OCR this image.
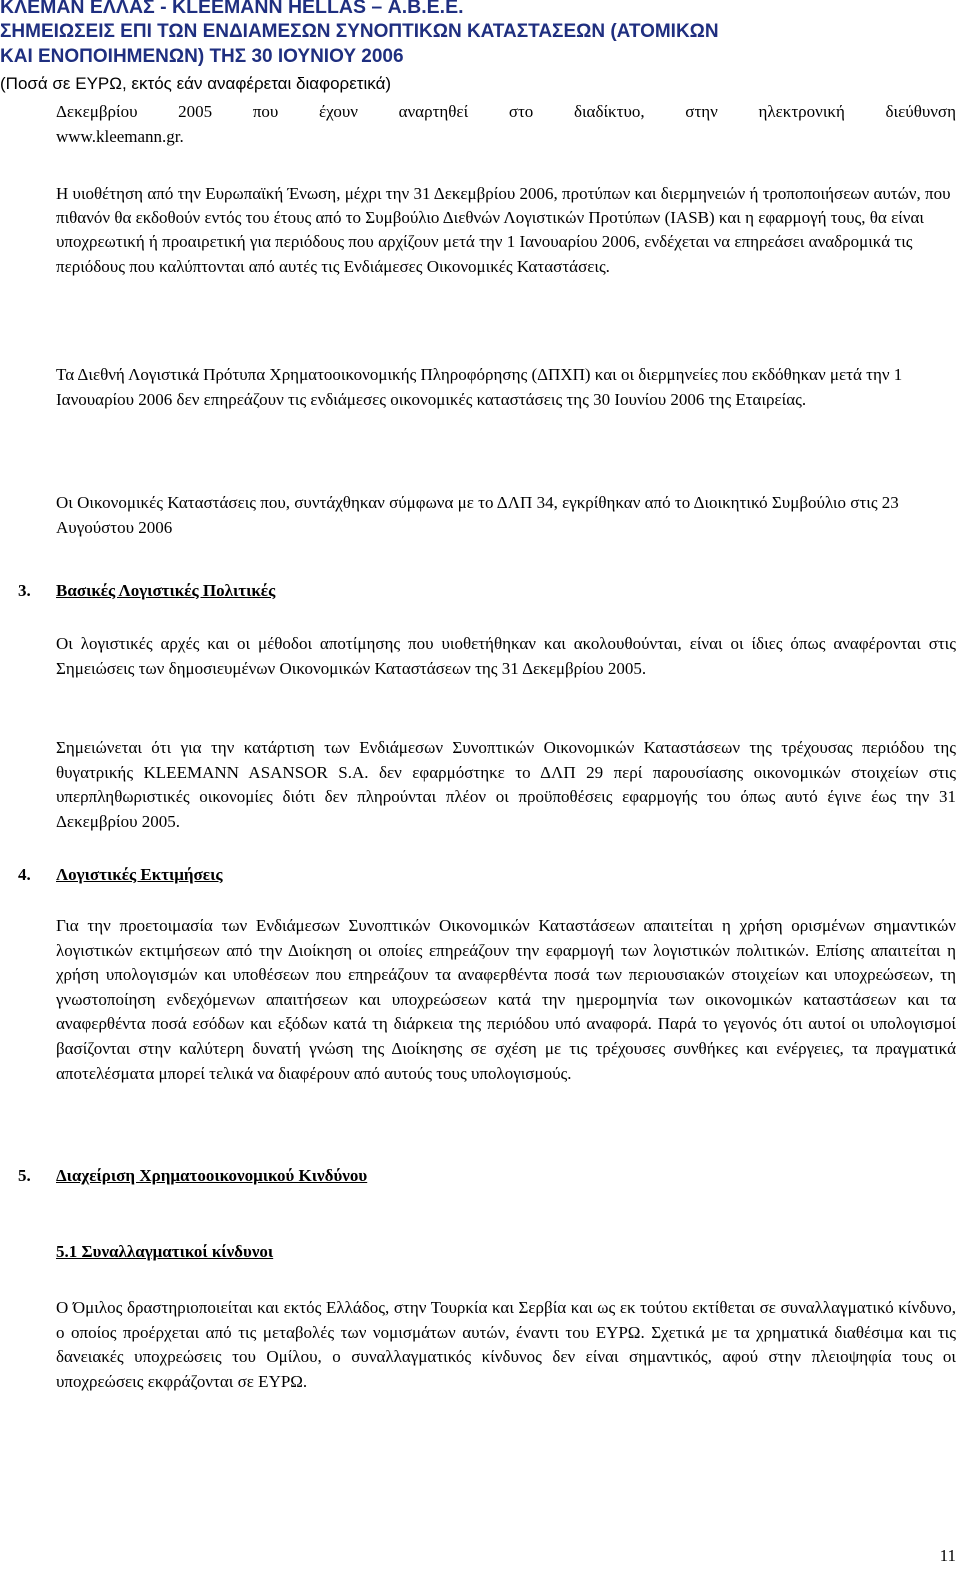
ΚΛΕΜΑΝ ΕΛΛΑΣ - KLEEMANN HELLAS – Α.Β.Ε.Ε.
ΣΗΜΕΙΩΣΕΙΣ ΕΠΙ ΤΩΝ ΕΝΔΙΑΜΕΣΩΝ ΣΥΝΟΠΤΙΚΩΝ ΚΑΤΑΣΤΑΣΕΩΝ (ΑΤΟΜΙΚΩΝ
ΚΑΙ ΕΝΟΠΟΙΗΜΕΝΩΝ) ΤΗΣ 30 ΙΟΥΝΙΟΥ 2006
(Ποσά σε ΕΥΡΩ, εκτός εάν αναφέρεται διαφορετικά)
Δεκεμβρίου 2005 που έχουν αναρτηθεί στο διαδίκτυο, στην ηλεκτρονική διεύθυνση
www.kleemann.gr.

Η υιοθέτηση από την Ευρωπαϊκή Ένωση, μέχρι την 31 Δεκεμβρίου 2006, προτύπων και διερμηνειών ή τροποποιήσεων αυτών, που πιθανόν θα εκδοθούν εντός του έτους από το Συμβούλιο Διεθνών Λογιστικών Προτύπων (IASB) και η εφαρμογή τους, θα είναι υποχρεωτική ή προαιρετική για περιόδους που αρχίζουν μετά την 1 Ιανουαρίου 2006, ενδέχεται να επηρεάσει αναδρομικά τις περιόδους που καλύπτονται από αυτές τις Ενδιάμεσες Οικονομικές Καταστάσεις.

Τα Διεθνή Λογιστικά Πρότυπα Χρηματοοικονομικής Πληροφόρησης (ΔΠΧΠ) και οι διερμηνείες που εκδόθηκαν μετά την 1 Ιανουαρίου 2006 δεν επηρεάζουν τις ενδιάμεσες οικονομικές καταστάσεις της 30 Ιουνίου 2006 της Εταιρείας.

Οι Οικονομικές Καταστάσεις που, συντάχθηκαν σύμφωνα με το ΔΛΠ 34, εγκρίθηκαν από το Διοικητικό Συμβούλιο στις 23 Αυγούστου 2006

3. Βασικές Λογιστικές Πολιτικές

Οι λογιστικές αρχές και οι μέθοδοι αποτίμησης που υιοθετήθηκαν και ακολουθούνται, είναι οι ίδιες όπως αναφέρονται στις Σημειώσεις των δημοσιευμένων Οικονομικών Καταστάσεων της 31 Δεκεμβρίου 2005.

Σημειώνεται ότι για την κατάρτιση των Ενδιάμεσων Συνοπτικών Οικονομικών Καταστάσεων της τρέχουσας περιόδου της θυγατρικής KLEEMANN ASANSOR S.A. δεν εφαρμόστηκε το ΔΛΠ 29 περί παρουσίασης οικονομικών στοιχείων στις υπερπληθωριστικές οικονομίες διότι δεν πληρούνται πλέον οι προϋποθέσεις εφαρμογής του όπως αυτό έγινε έως την 31 Δεκεμβρίου 2005.

4. Λογιστικές Εκτιμήσεις

Για την προετοιμασία των Ενδιάμεσων Συνοπτικών Οικονομικών Καταστάσεων απαιτείται η χρήση ορισμένων σημαντικών λογιστικών εκτιμήσεων από την Διοίκηση οι οποίες επηρεάζουν την εφαρμογή των λογιστικών πολιτικών. Επίσης απαιτείται η χρήση υπολογισμών και υποθέσεων που επηρεάζουν τα αναφερθέντα ποσά των περιουσιακών στοιχείων και υποχρεώσεων, τη γνωστοποίηση ενδεχόμενων απαιτήσεων και υποχρεώσεων κατά την ημερομηνία των οικονομικών καταστάσεων και τα αναφερθέντα ποσά εσόδων και εξόδων κατά τη διάρκεια της περιόδου υπό αναφορά. Παρά το γεγονός ότι αυτοί οι υπολογισμοί βασίζονται στην καλύτερη δυνατή γνώση της Διοίκησης σε σχέση με τις τρέχουσες συνθήκες και ενέργειες, τα πραγματικά αποτελέσματα μπορεί τελικά να διαφέρουν από αυτούς τους υπολογισμούς.

5. Διαχείριση Χρηματοοικονομικού Κινδύνου
5.1 Συναλλαγματικοί κίνδυνοι

Ο Όμιλος δραστηριοποιείται και εκτός Ελλάδος, στην Τουρκία και Σερβία και ως εκ τούτου εκτίθεται σε συναλλαγματικό κίνδυνο, ο οποίος προέρχεται από τις μεταβολές των νομισμάτων αυτών, έναντι του ΕΥΡΩ. Σχετικά με τα χρηματικά διαθέσιμα και τις δανειακές υποχρεώσεις του Ομίλου, ο συναλλαγματικός κίνδυνος δεν είναι σημαντικός, αφού στην πλειοψηφία τους οι υποχρεώσεις εκφράζονται σε ΕΥΡΩ.

11
